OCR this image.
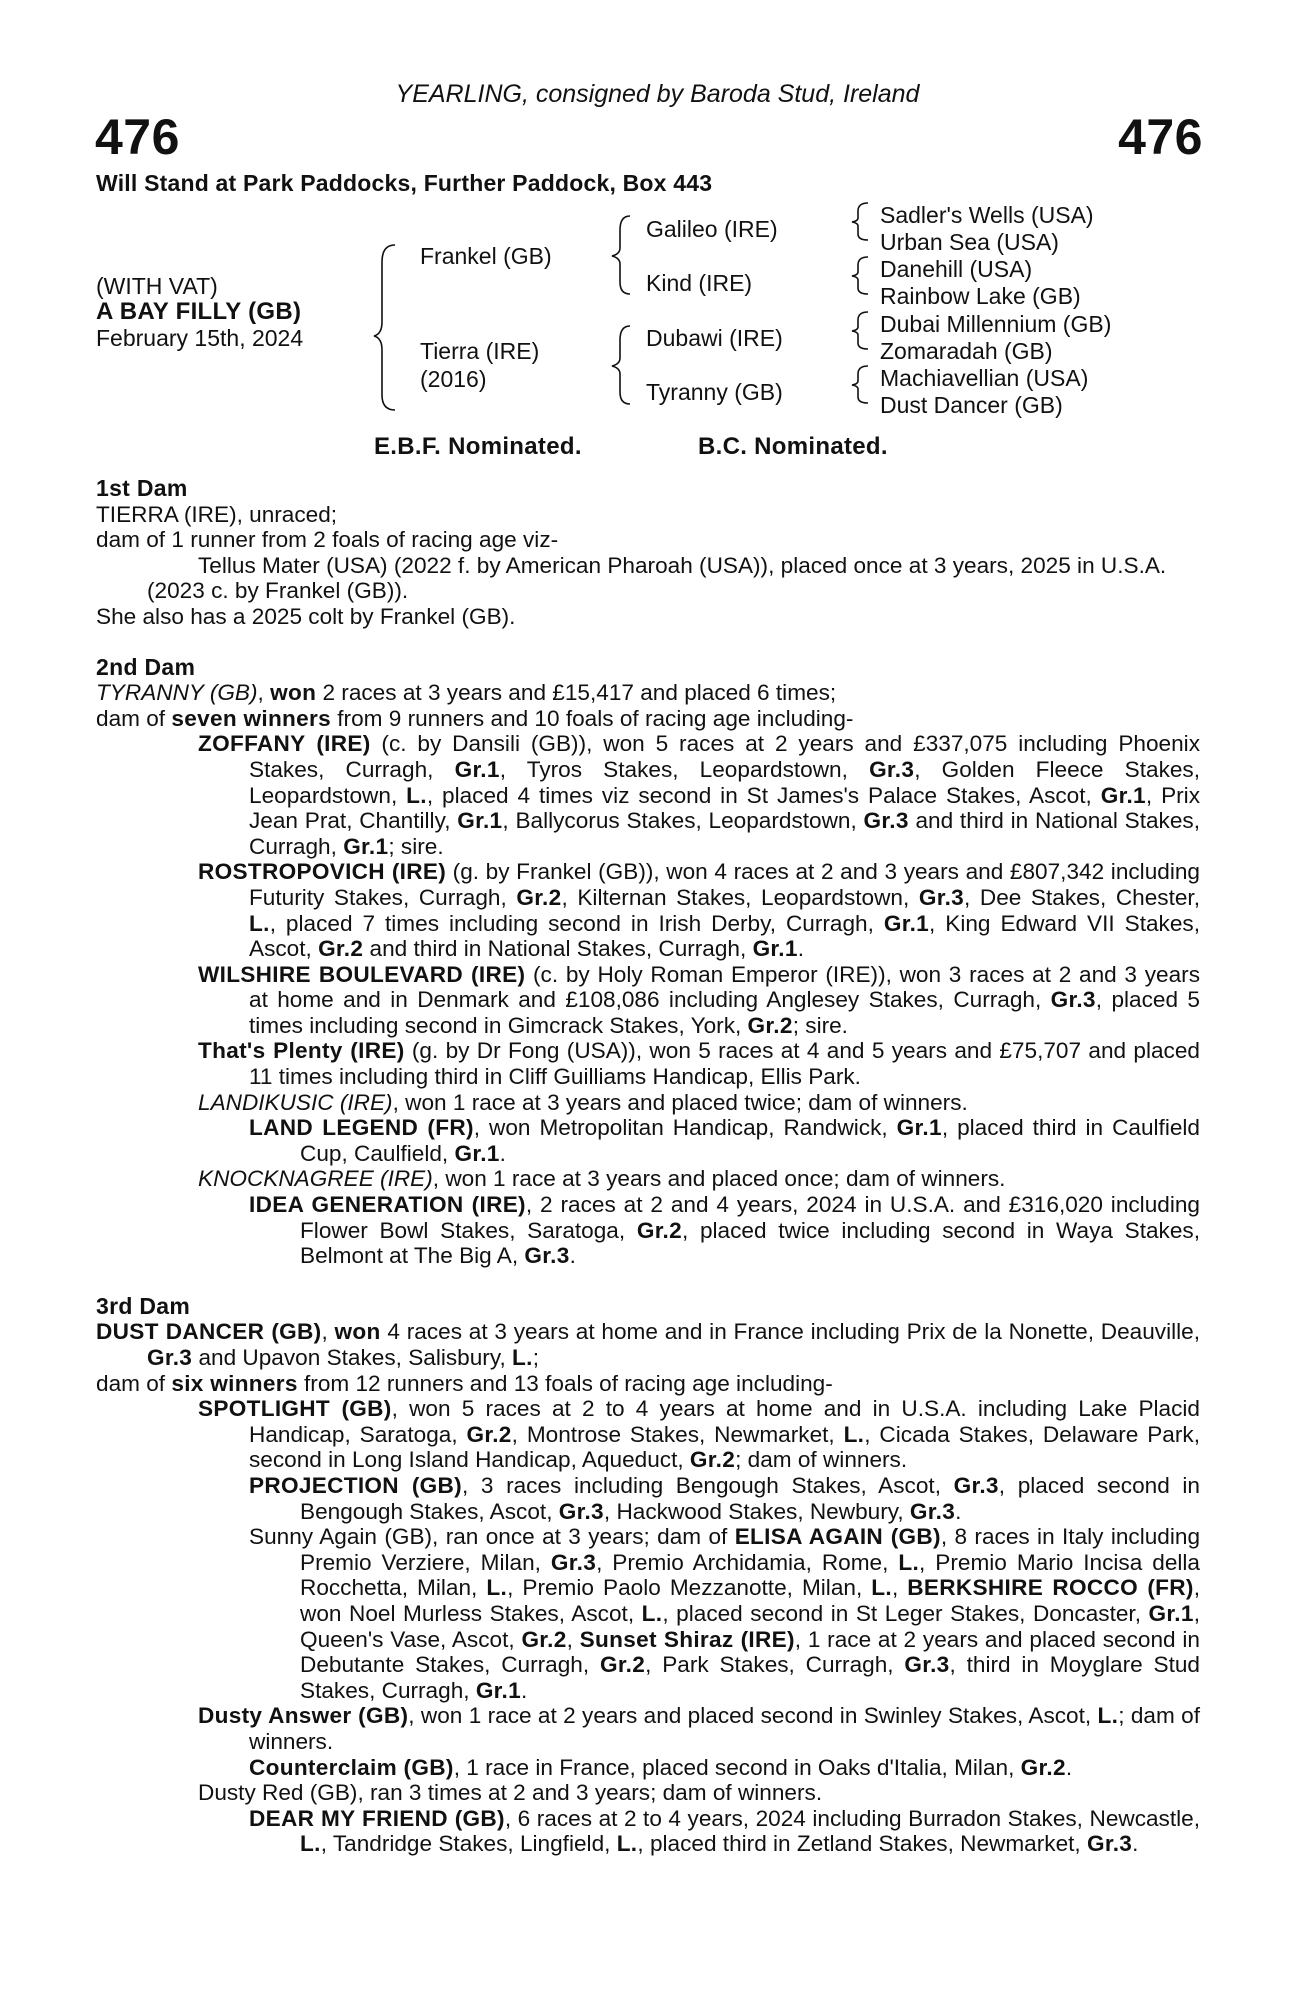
YEARLING, consigned by Baroda Stud, Ireland
476	476
Will Stand at Park Paddocks, Further Paddock, Box 443
(WITH VAT)
A BAY FILLY (GB)
February 15th, 2024
Frankel (GB)
Tierra (IRE)
(2016)
Galileo (IRE)
Kind (IRE)
Dubawi (IRE)
Tyranny (GB)
Sadler's Wells (USA)
Urban Sea (USA)
Danehill (USA)
Rainbow Lake (GB)
Dubai Millennium (GB)
Zomaradah (GB)
Machiavellian (USA)
Dust Dancer (GB)
E.B.F. Nominated.	B.C. Nominated.

1st Dam

TIERRA (IRE), unraced;

dam of 1 runner from 2 foals of racing age viz-

Tellus Mater (USA) (2022 f. by American Pharoah (USA)), placed once at 3 years, 2025 in U.S.A.

(2023 c. by Frankel (GB)).

She also has a 2025 colt by Frankel (GB).

2nd Dam

TYRANNY (GB), won 2 races at 3 years and £15,417 and placed 6 times;

dam of seven winners from 9 runners and 10 foals of racing age including-

ZOFFANY (IRE) (c. by Dansili (GB)), won 5 races at 2 years and £337,075 including Phoenix Stakes, Curragh, Gr.1, Tyros Stakes, Leopardstown, Gr.3, Golden Fleece Stakes, Leopardstown, L., placed 4 times viz second in St James's Palace Stakes, Ascot, Gr.1, Prix Jean Prat, Chantilly, Gr.1, Ballycorus Stakes, Leopardstown, Gr.3 and third in National Stakes, Curragh, Gr.1; sire.

ROSTROPOVICH (IRE) (g. by Frankel (GB)), won 4 races at 2 and 3 years and £807,342 including Futurity Stakes, Curragh, Gr.2, Kilternan Stakes, Leopardstown, Gr.3, Dee Stakes, Chester, L., placed 7 times including second in Irish Derby, Curragh, Gr.1, King Edward VII Stakes, Ascot, Gr.2 and third in National Stakes, Curragh, Gr.1.

WILSHIRE BOULEVARD (IRE) (c. by Holy Roman Emperor (IRE)), won 3 races at 2 and 3 years at home and in Denmark and £108,086 including Anglesey Stakes, Curragh, Gr.3, placed 5 times including second in Gimcrack Stakes, York, Gr.2; sire.

That's Plenty (IRE) (g. by Dr Fong (USA)), won 5 races at 4 and 5 years and £75,707 and placed 11 times including third in Cliff Guilliams Handicap, Ellis Park.

LANDIKUSIC (IRE), won 1 race at 3 years and placed twice; dam of winners.

LAND LEGEND (FR), won Metropolitan Handicap, Randwick, Gr.1, placed third in Caulfield Cup, Caulfield, Gr.1.

KNOCKNAGREE (IRE), won 1 race at 3 years and placed once; dam of winners.

IDEA GENERATION (IRE), 2 races at 2 and 4 years, 2024 in U.S.A. and £316,020 including Flower Bowl Stakes, Saratoga, Gr.2, placed twice including second in Waya Stakes, Belmont at The Big A, Gr.3.

3rd Dam

DUST DANCER (GB), won 4 races at 3 years at home and in France including Prix de la Nonette, Deauville, Gr.3 and Upavon Stakes, Salisbury, L.;

dam of six winners from 12 runners and 13 foals of racing age including-

SPOTLIGHT (GB), won 5 races at 2 to 4 years at home and in U.S.A. including Lake Placid Handicap, Saratoga, Gr.2, Montrose Stakes, Newmarket, L., Cicada Stakes, Delaware Park, second in Long Island Handicap, Aqueduct, Gr.2; dam of winners.

PROJECTION (GB), 3 races including Bengough Stakes, Ascot, Gr.3, placed second in Bengough Stakes, Ascot, Gr.3, Hackwood Stakes, Newbury, Gr.3.

Sunny Again (GB), ran once at 3 years; dam of ELISA AGAIN (GB), 8 races in Italy including Premio Verziere, Milan, Gr.3, Premio Archidamia, Rome, L., Premio Mario Incisa della Rocchetta, Milan, L., Premio Paolo Mezzanotte, Milan, L., BERKSHIRE ROCCO (FR), won Noel Murless Stakes, Ascot, L., placed second in St Leger Stakes, Doncaster, Gr.1, Queen's Vase, Ascot, Gr.2, Sunset Shiraz (IRE), 1 race at 2 years and placed second in Debutante Stakes, Curragh, Gr.2, Park Stakes, Curragh, Gr.3, third in Moyglare Stud Stakes, Curragh, Gr.1.

Dusty Answer (GB), won 1 race at 2 years and placed second in Swinley Stakes, Ascot, L.; dam of winners.

Counterclaim (GB), 1 race in France, placed second in Oaks d'Italia, Milan, Gr.2.

Dusty Red (GB), ran 3 times at 2 and 3 years; dam of winners.

DEAR MY FRIEND (GB), 6 races at 2 to 4 years, 2024 including Burradon Stakes, Newcastle, L., Tandridge Stakes, Lingfield, L., placed third in Zetland Stakes, Newmarket, Gr.3.
